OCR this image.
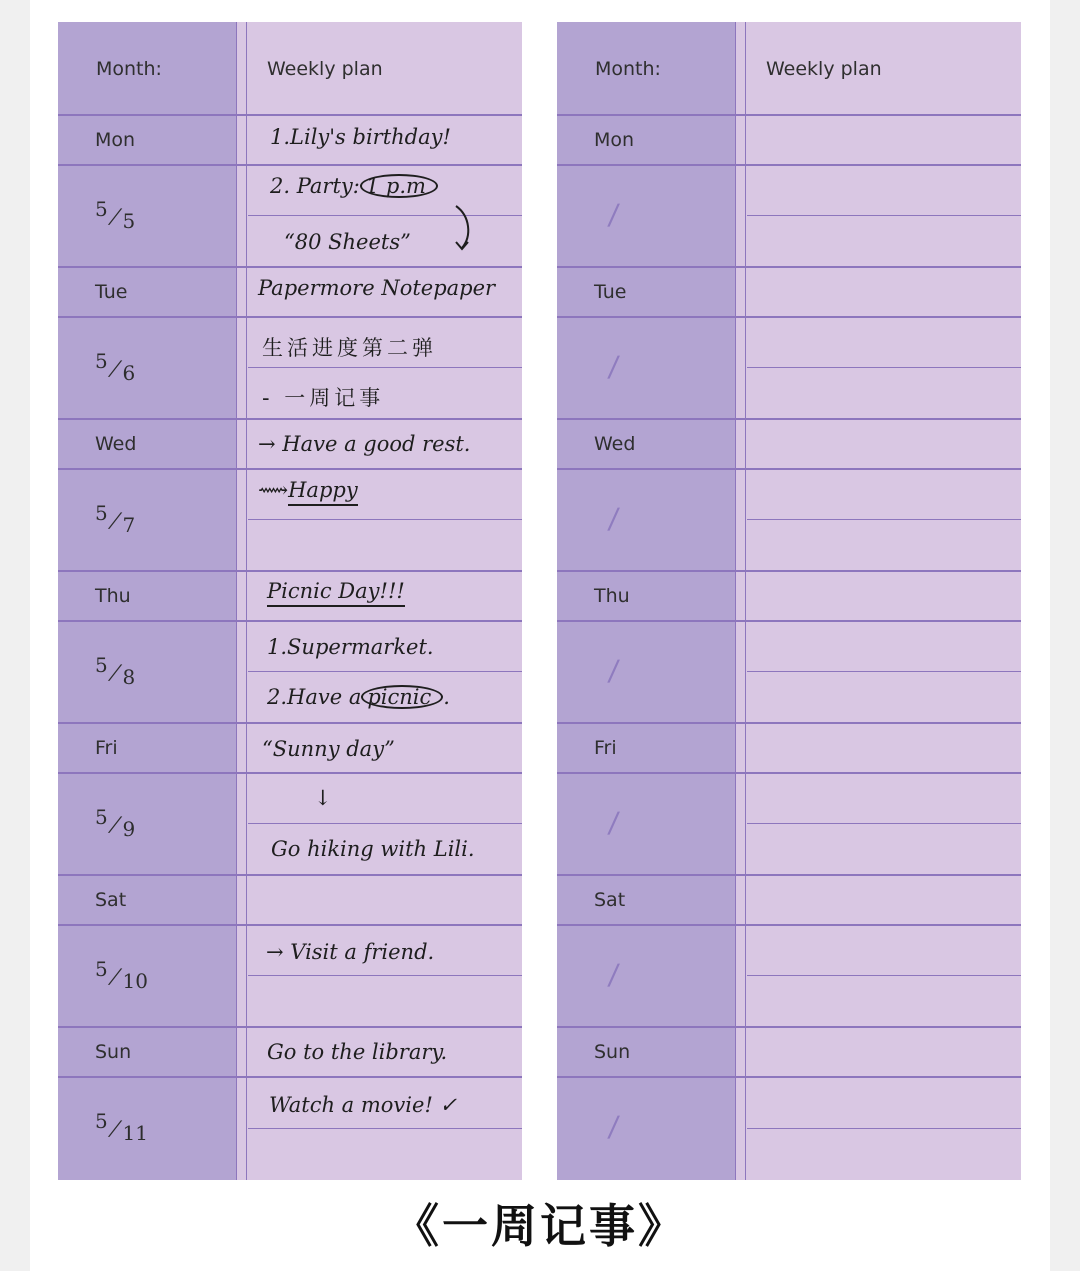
Month:	Weekly plan
Mon
Tue
Wed
Thu
Fri
Sat
Sun
5/5
5/6
5/7
5/8
5/9
5/10
5/11
1.Lily's birthday!
2. Party: 1 p.m
“80 Sheets”
Papermore Notepaper
生活进度第二弹
- 一周记事
→ Have a good rest.
⟿Happy
Picnic Day!!!
1.Supermarket.
2.Have a picnic .
“Sunny day”
↓
Go hiking with Lili.
→ Visit a friend.
Go to the library.
Watch a movie! ✓
Month:	Weekly plan
Mon
Tue
Wed
Thu
Fri
Sat
Sun
/
/
/
/
/
/
/
《一周记事》
